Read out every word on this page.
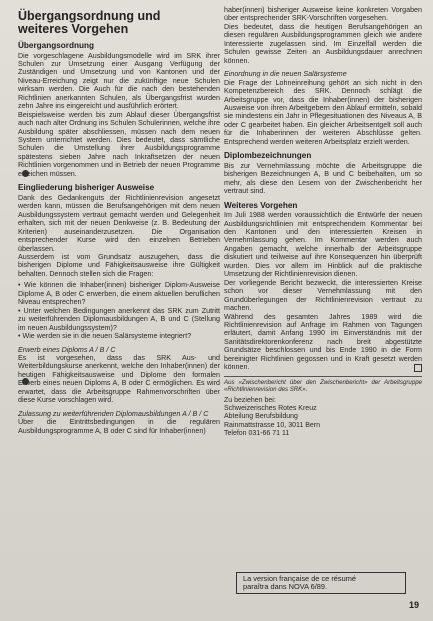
Übergangsordnung und
weiteres Vorgehen
Übergangsordnung

Die vorgeschlagene Ausbildungsmodelle wird im SRK ihrer Schulen zur Umsetzung einer Ausgang Verfügung der Zuständigen und Umsetzung und von Kantonen und der Niveau-Erreichung zeigt nur die zukünftige neue Schulen wirksam werden. Die Auch für die nach den bestehenden Richtlinien anerkannten Schulen, als Übergangsfrist wurden zehn Jahre ins eingereicht und ausführlich erörtert.

Beispielsweise werden bis zum Ablauf dieser Übergangsfrist auch nach alter Ordnung ins Schulen Schulerinnen, welche ihre Ausbildung später abschliessen, müssen nach dem neuen System unterrichtet werden. Dies bedeutet, dass sämtliche Schulen die Umstellung ihrer Ausbildungsprogramme spätestens sieben Jahre nach Inkraftsetzen der neuen Richtlinien vorgenommen und in Betrieb der neuen Programme erreichen müssen.

Eingliederung bisheriger Ausweise

Dank des Gedankenguts der Richtlinienrevision angesetzt werden kann, müssen die Berufsangehörigen mit dem neuen Ausbildungssystem vertraut gemacht werden und Gelegenheit erhalten, sich mit der neuen Denkweise (z. B. Bedeutung der Kriterien) auseinanderzusetzen. Die Organisation entsprechender Kurse wird den einzelnen Betrieben überlassen.

Ausserdem ist vom Grundsatz auszugehen, dass die bisherigen Diplome und Fähigkeitsausweise ihre Gültigkeit behalten. Dennoch stellen sich die Fragen:

• Wie können die Inhaber(innen) bisheriger Diplom-Ausweise Diplome A, B oder C erwerben, die einem aktuellen beruflichen Niveau entsprechen?
• Unter welchen Bedingungen anerkennt das SRK zum Zutritt zu weiterführenden Diplomausbildungen A, B und C (Stellung im neuen Ausbildungssystem)?
• Wie werden sie in die neuen Salärsysteme integriert?

Erwerb eines Diploms A / B / C

Es ist vorgesehen, dass das SRK Aus- und Weiterbildungskurse anerkennt, welche den Inhaber(innen) der heutigen Fähigkeitsausweise und Diplome den formalen Erwerb eines neuen Diploms A, B oder C ermöglichen. Es wird erwartet, dass die Arbeitsgruppe Rahmenvorschriften über diese Kurse vorschlagen wird.

Zulassung zu weiterführenden Diplomausbildungen A / B / C

Über die Eintrittsbedingungen in die regulären Ausbildungsprogramme A, B oder C sind für Inhaber(innen)

haber(innen) bisheriger Ausweise keine konkreten Vorgaben über entsprechender SRK-Vorschriften vorgesehen.

Dies bedeutet, dass die heutigen Berufsangehörigen an diesen regulären Ausbildungsprogrammen gleich wie andere Interessierte zugelassen sind. Im Einzelfall werden die Schulen gewisse Zeiten an Ausbildungsdauer anrechnen können.

Einordnung in die neuen Salärsysteme

Die Frage der Lohneinreihung gehört an sich nicht in den Kompetenzbereich des SRK. Dennoch schlägt die Arbeitsgruppe vor, dass die Inhaber(innen) der bisherigen Ausweise von ihren Arbeitgebern den Ablauf ermitteln, sobald sie mindestens ein Jahr in Pflegesituationen des Niveaus A, B oder C gearbeitet haben. Ein gleicher Arbeitsentgelt soll auch für die Inhaberinnen der weiteren Abschlüsse gelten. Entsprechend werden weiteren Arbeitsplatz erzielt werden.

Diplombezeichnungen

Bis zur Vernehmlassung möchte die Arbeitsgruppe die bisherigen Bezeichnungen A, B und C beibehalten, um so mehr, als diese den Lesern von der Zwischenbericht her vertraut sind.

Weiteres Vorgehen

Im Juli 1988 werden voraussichtlich die Entwürfe der neuen Ausbildungsrichtlinien mit entsprechendem Kommentar bei den Kantonen und den interessierten Kreisen in Vernehmlassung gehen. Im Kommentar werden auch Angaben gemacht, welche innerhalb der Arbeitsgruppe diskutiert und teilweise auf ihre Konsequenzen hin überprüft wurden. Dies vor allem im Hinblick auf die praktische Umsetzung der Richtlinienrevision dienen.

Der vorliegende Bericht bezweckt, die interessierten Kreise schon vor dieser Vernehmlassung mit den Grundüberlegungen der Richtlinienrevision vertraut zu machen.

Während des gesamten Jahres 1989 wird die Richtlinienrevision auf Anfrage im Rahmen von Tagungen erläutert, damit Anfang 1990 im Einverständnis mit der Sanitätsdirektorenkonferenz nach breit abgestützte Grundsätze beschlossen und bis Ende 1990 in die Form bereinigter Richtlinien gegossen und in Kraft gesetzt werden können.

Aus «Zwischenbericht über den Zwischenbericht» der Arbeitsgruppe «Richtlinienrevision des SRK».
Zu beziehen bei:
Schweizerisches Rotes Kreuz
Abteilung Berufsbildung
Rainmattstrasse 10, 3011 Bern
Telefon 031-66 71 11
La version française de ce résumé
paraîtra dans NOVA 6/89.
19
